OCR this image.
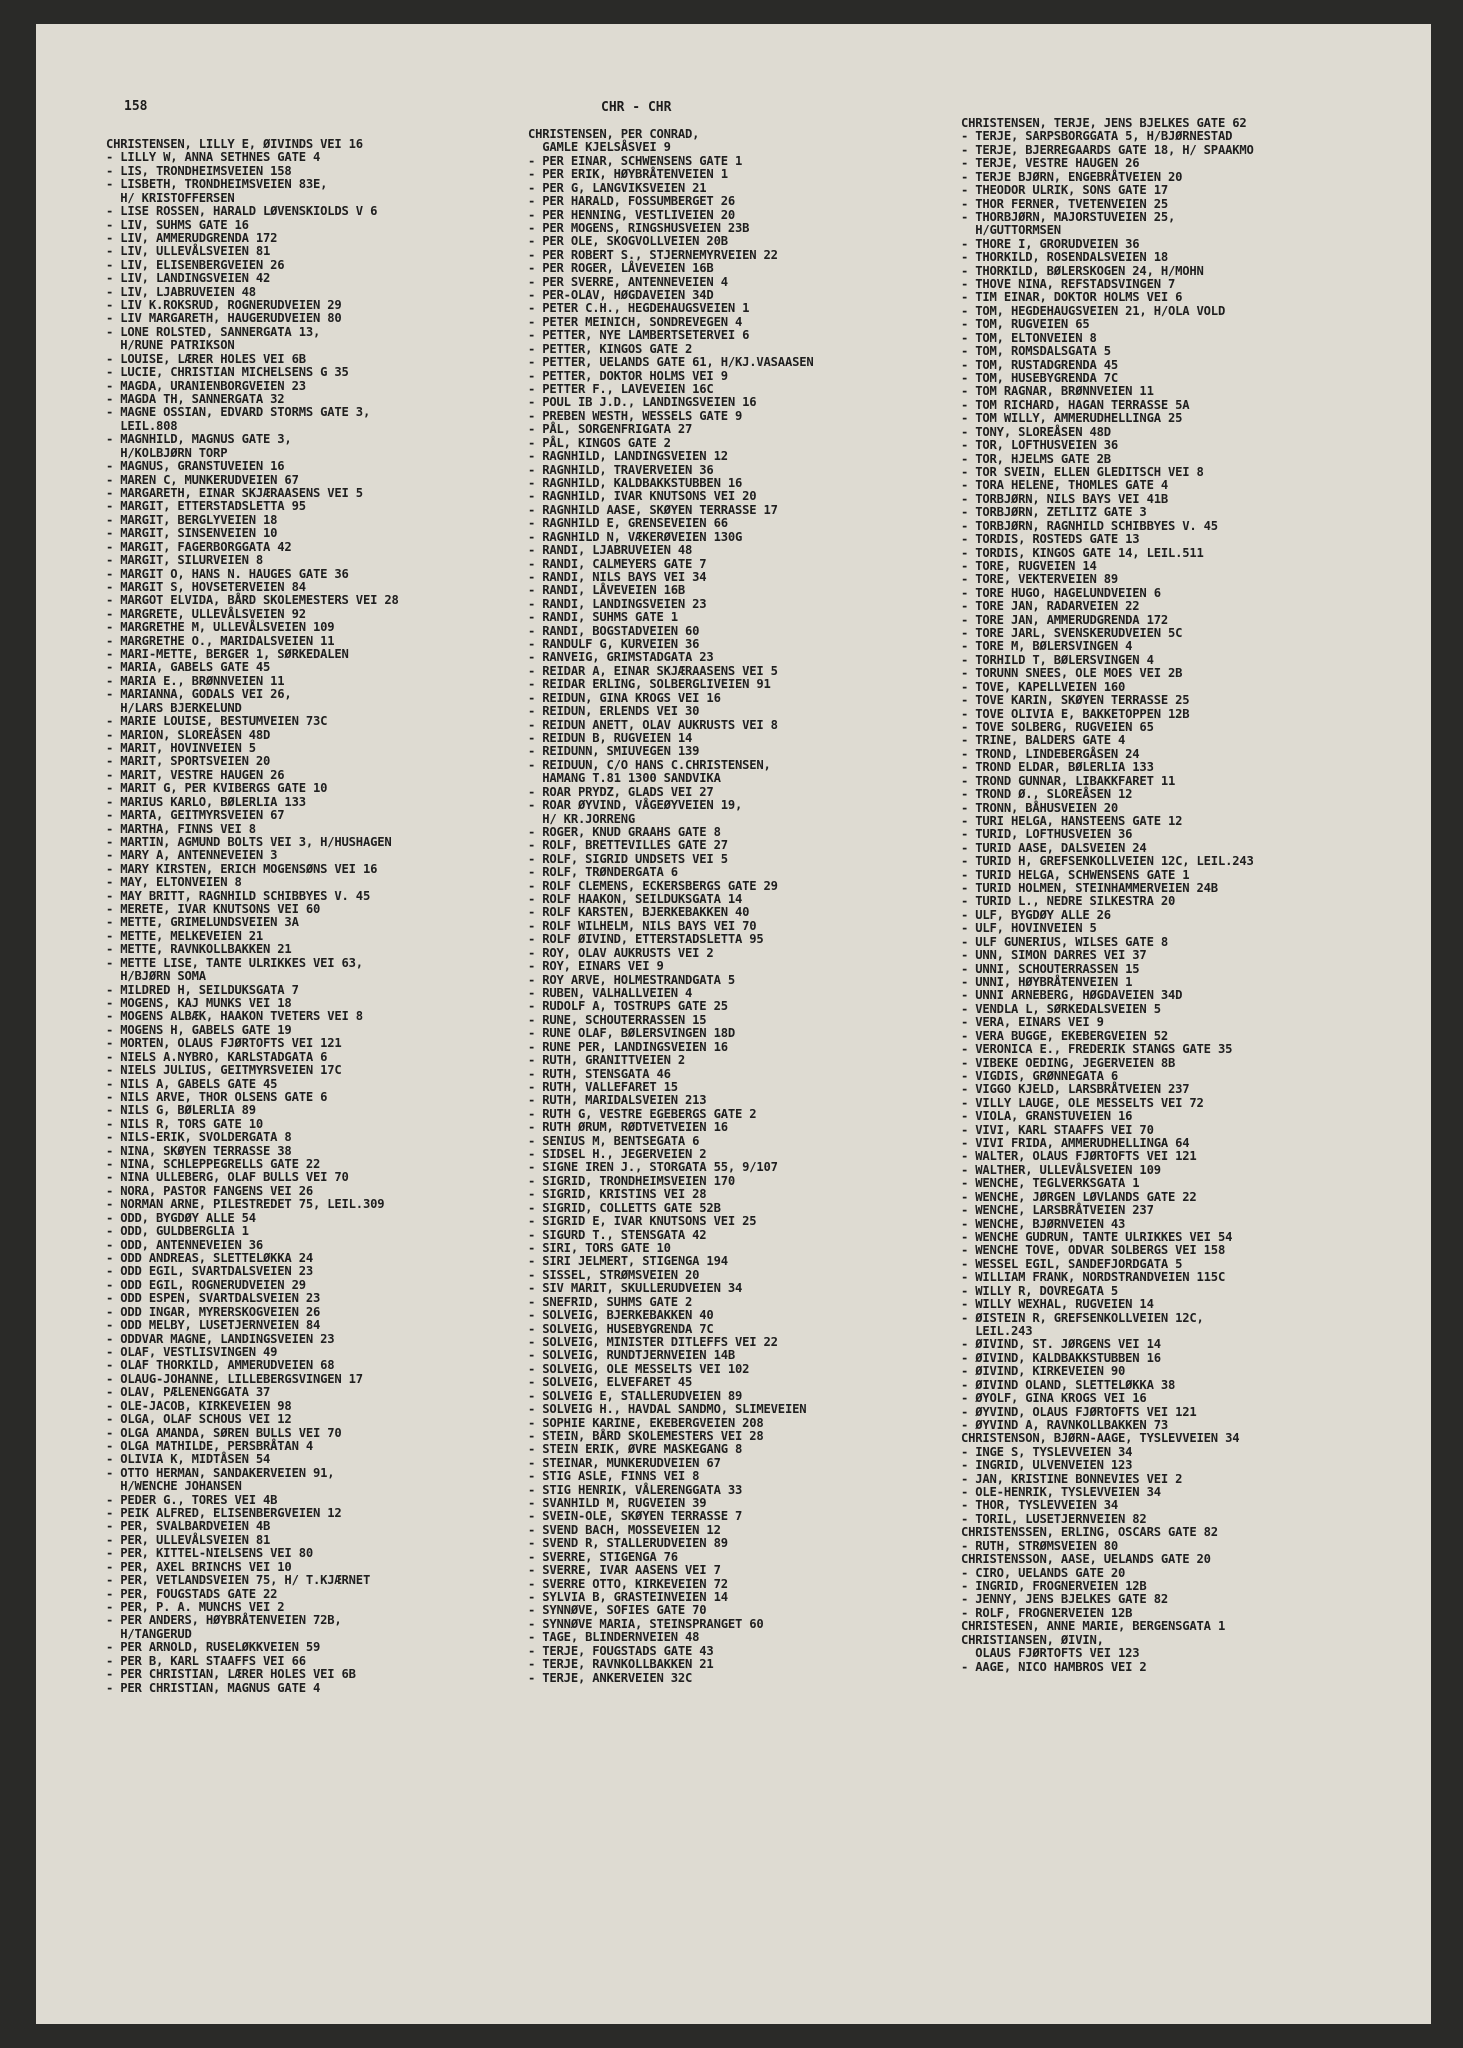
158	CHR - CHR
CHRISTENSEN, LILLY E, ØIVINDS VEI 16
- LILLY W, ANNA SETHNES GATE 4
- LIS, TRONDHEIMSVEIEN 158
- LISBETH, TRONDHEIMSVEIEN 83E,
H/ KRISTOFFERSEN
- LISE ROSSEN, HARALD LØVENSKIOLDS V 6
- LIV, SUHMS GATE 16
- LIV, AMMERUDGRENDA 172
- LIV, ULLEVÅLSVEIEN 81
- LIV, ELISENBERGVEIEN 26
- LIV, LANDINGSVEIEN 42
- LIV, LJABRUVEIEN 48
- LIV K.ROKSRUD, ROGNERUDVEIEN 29
- LIV MARGARETH, HAUGERUDVEIEN 80
- LONE ROLSTED, SANNERGATA 13,
H/RUNE PATRIKSON
- LOUISE, LÆRER HOLES VEI 6B
- LUCIE, CHRISTIAN MICHELSENS G 35
- MAGDA, URANIENBORGVEIEN 23
- MAGDA TH, SANNERGATA 32
- MAGNE OSSIAN, EDVARD STORMS GATE 3,
LEIL.808
- MAGNHILD, MAGNUS GATE 3,
H/KOLBJØRN TORP
- MAGNUS, GRANSTUVEIEN 16
- MAREN C, MUNKERUDVEIEN 67
- MARGARETH, EINAR SKJÆRAASENS VEI 5
- MARGIT, ETTERSTADSLETTA 95
- MARGIT, BERGLYVEIEN 18
- MARGIT, SINSENVEIEN 10
- MARGIT, FAGERBORGGATA 42
- MARGIT, SILURVEIEN 8
- MARGIT O, HANS N. HAUGES GATE 36
- MARGIT S, HOVSETERVEIEN 84
- MARGOT ELVIDA, BÅRD SKOLEMESTERS VEI 28
- MARGRETE, ULLEVÅLSVEIEN 92
- MARGRETHE M, ULLEVÅLSVEIEN 109
- MARGRETHE O., MARIDALSVEIEN 11
- MARI-METTE, BERGER 1, SØRKEDALEN
- MARIA, GABELS GATE 45
- MARIA E., BRØNNVEIEN 11
- MARIANNA, GODALS VEI 26,
H/LARS BJERKELUND
- MARIE LOUISE, BESTUMVEIEN 73C
- MARION, SLOREÅSEN 48D
- MARIT, HOVINVEIEN 5
- MARIT, SPORTSVEIEN 20
- MARIT, VESTRE HAUGEN 26
- MARIT G, PER KVIBERGS GATE 10
- MARIUS KARLO, BØLERLIA 133
- MARTA, GEITMYRSVEIEN 67
- MARTHA, FINNS VEI 8
- MARTIN, AGMUND BOLTS VEI 3, H/HUSHAGEN
- MARY A, ANTENNEVEIEN 3
- MARY KIRSTEN, ERICH MOGENSØNS VEI 16
- MAY, ELTONVEIEN 8
- MAY BRITT, RAGNHILD SCHIBBYES V. 45
- MERETE, IVAR KNUTSONS VEI 60
- METTE, GRIMELUNDSVEIEN 3A
- METTE, MELKEVEIEN 21
- METTE, RAVNKOLLBAKKEN 21
- METTE LISE, TANTE ULRIKKES VEI 63,
H/BJØRN SOMA
- MILDRED H, SEILDUKSGATA 7
- MOGENS, KAJ MUNKS VEI 18
- MOGENS ALBÆK, HAAKON TVETERS VEI 8
- MOGENS H, GABELS GATE 19
- MORTEN, OLAUS FJØRTOFTS VEI 121
- NIELS A.NYBRO, KARLSTADGATA 6
- NIELS JULIUS, GEITMYRSVEIEN 17C
- NILS A, GABELS GATE 45
- NILS ARVE, THOR OLSENS GATE 6
- NILS G, BØLERLIA 89
- NILS R, TORS GATE 10
- NILS-ERIK, SVOLDERGATA 8
- NINA, SKØYEN TERRASSE 38
- NINA, SCHLEPPEGRELLS GATE 22
- NINA ULLEBERG, OLAF BULLS VEI 70
- NORA, PASTOR FANGENS VEI 26
- NORMAN ARNE, PILESTREDET 75, LEIL.309
- ODD, BYGDØY ALLE 54
- ODD, GULDBERGLIA 1
- ODD, ANTENNEVEIEN 36
- ODD ANDREAS, SLETTELØKKA 24
- ODD EGIL, SVARTDALSVEIEN 23
- ODD EGIL, ROGNERUDVEIEN 29
- ODD ESPEN, SVARTDALSVEIEN 23
- ODD INGAR, MYRERSKOGVEIEN 26
- ODD MELBY, LUSETJERNVEIEN 84
- ODDVAR MAGNE, LANDINGSVEIEN 23
- OLAF, VESTLISVINGEN 49
- OLAF THORKILD, AMMERUDVEIEN 68
- OLAUG-JOHANNE, LILLEBERGSVINGEN 17
- OLAV, PÆLENENGGATA 37
- OLE-JACOB, KIRKEVEIEN 98
- OLGA, OLAF SCHOUS VEI 12
- OLGA AMANDA, SØREN BULLS VEI 70
- OLGA MATHILDE, PERSBRÅTAN 4
- OLIVIA K, MIDTÅSEN 54
- OTTO HERMAN, SANDAKERVEIEN 91,
H/WENCHE JOHANSEN
- PEDER G., TORES VEI 4B
- PEIK ALFRED, ELISENBERGVEIEN 12
- PER, SVALBARDVEIEN 4B
- PER, ULLEVÅLSVEIEN 81
- PER, KITTEL-NIELSENS VEI 80
- PER, AXEL BRINCHS VEI 10
- PER, VETLANDSVEIEN 75, H/ T.KJÆRNET
- PER, FOUGSTADS GATE 22
- PER, P. A. MUNCHS VEI 2
- PER ANDERS, HØYBRÅTENVEIEN 72B,
H/TANGERUD
- PER ARNOLD, RUSELØKKVEIEN 59
- PER B, KARL STAAFFS VEI 66
- PER CHRISTIAN, LÆRER HOLES VEI 6B
- PER CHRISTIAN, MAGNUS GATE 4
CHRISTENSEN, PER CONRAD,
GAMLE KJELSÅSVEI 9
- PER EINAR, SCHWENSENS GATE 1
- PER ERIK, HØYBRÅTENVEIEN 1
- PER G, LANGVIKSVEIEN 21
- PER HARALD, FOSSUMBERGET 26
- PER HENNING, VESTLIVEIEN 20
- PER MOGENS, RINGSHUSVEIEN 23B
- PER OLE, SKOGVOLLVEIEN 20B
- PER ROBERT S., STJERNEMYRVEIEN 22
- PER ROGER, LÅVEVEIEN 16B
- PER SVERRE, ANTENNEVEIEN 4
- PER-OLAV, HØGDAVEIEN 34D
- PETER C.H., HEGDEHAUGSVEIEN 1
- PETER MEINICH, SONDREVEGEN 4
- PETTER, NYE LAMBERTSETERVEI 6
- PETTER, KINGOS GATE 2
- PETTER, UELANDS GATE 61, H/KJ.VASAASEN
- PETTER, DOKTOR HOLMS VEI 9
- PETTER F., LAVEVEIEN 16C
- POUL IB J.D., LANDINGSVEIEN 16
- PREBEN WESTH, WESSELS GATE 9
- PÅL, SORGENFRIGATA 27
- PÅL, KINGOS GATE 2
- RAGNHILD, LANDINGSVEIEN 12
- RAGNHILD, TRAVERVEIEN 36
- RAGNHILD, KALDBAKKSTUBBEN 16
- RAGNHILD, IVAR KNUTSONS VEI 20
- RAGNHILD AASE, SKØYEN TERRASSE 17
- RAGNHILD E, GRENSEVEIEN 66
- RAGNHILD N, VÆKERØVEIEN 130G
- RANDI, LJABRUVEIEN 48
- RANDI, CALMEYERS GATE 7
- RANDI, NILS BAYS VEI 34
- RANDI, LÅVEVEIEN 16B
- RANDI, LANDINGSVEIEN 23
- RANDI, SUHMS GATE 1
- RANDI, BOGSTADVEIEN 60
- RANDULF G, KURVEIEN 36
- RANVEIG, GRIMSTADGATA 23
- REIDAR A, EINAR SKJÆRAASENS VEI 5
- REIDAR ERLING, SOLBERGLIVEIEN 91
- REIDUN, GINA KROGS VEI 16
- REIDUN, ERLENDS VEI 30
- REIDUN ANETT, OLAV AUKRUSTS VEI 8
- REIDUN B, RUGVEIEN 14
- REIDUNN, SMIUVEGEN 139
- REIDUUN, C/O HANS C.CHRISTENSEN,
HAMANG T.81 1300 SANDVIKA
- ROAR PRYDZ, GLADS VEI 27
- ROAR ØYVIND, VÅGEØYVEIEN 19,
H/ KR.JORRENG
- ROGER, KNUD GRAAHS GATE 8
- ROLF, BRETTEVILLES GATE 27
- ROLF, SIGRID UNDSETS VEI 5
- ROLF, TRØNDERGATA 6
- ROLF CLEMENS, ECKERSBERGS GATE 29
- ROLF HAAKON, SEILDUKSGATA 14
- ROLF KARSTEN, BJERKEBAKKEN 40
- ROLF WILHELM, NILS BAYS VEI 70
- ROLF ØIVIND, ETTERSTADSLETTA 95
- ROY, OLAV AUKRUSTS VEI 2
- ROY, EINARS VEI 9
- ROY ARVE, HOLMESTRANDGATA 5
- RUBEN, VALHALLVEIEN 4
- RUDOLF A, TOSTRUPS GATE 25
- RUNE, SCHOUTERRASSEN 15
- RUNE OLAF, BØLERSVINGEN 18D
- RUNE PER, LANDINGSVEIEN 16
- RUTH, GRANITTVEIEN 2
- RUTH, STENSGATA 46
- RUTH, VALLEFARET 15
- RUTH, MARIDALSVEIEN 213
- RUTH G, VESTRE EGEBERGS GATE 2
- RUTH ØRUM, RØDTVETVEIEN 16
- SENIUS M, BENTSEGATA 6
- SIDSEL H., JEGERVEIEN 2
- SIGNE IREN J., STORGATA 55, 9/107
- SIGRID, TRONDHEIMSVEIEN 170
- SIGRID, KRISTINS VEI 28
- SIGRID, COLLETTS GATE 52B
- SIGRID E, IVAR KNUTSONS VEI 25
- SIGURD T., STENSGATA 42
- SIRI, TORS GATE 10
- SIRI JELMERT, STIGENGA 194
- SISSEL, STRØMSVEIEN 20
- SIV MARIT, SKULLERUDVEIEN 34
- SNEFRID, SUHMS GATE 2
- SOLVEIG, BJERKEBAKKEN 40
- SOLVEIG, HUSEBYGRENDA 7C
- SOLVEIG, MINISTER DITLEFFS VEI 22
- SOLVEIG, RUNDTJERNVEIEN 14B
- SOLVEIG, OLE MESSELTS VEI 102
- SOLVEIG, ELVEFARET 45
- SOLVEIG E, STALLERUDVEIEN 89
- SOLVEIG H., HAVDAL SANDMO, SLIMEVEIEN
- SOPHIE KARINE, EKEBERGVEIEN 208
- STEIN, BÅRD SKOLEMESTERS VEI 28
- STEIN ERIK, ØVRE MASKEGANG 8
- STEINAR, MUNKERUDVEIEN 67
- STIG ASLE, FINNS VEI 8
- STIG HENRIK, VÅLERENGGATA 33
- SVANHILD M, RUGVEIEN 39
- SVEIN-OLE, SKØYEN TERRASSE 7
- SVEND BACH, MOSSEVEIEN 12
- SVEND R, STALLERUDVEIEN 89
- SVERRE, STIGENGA 76
- SVERRE, IVAR AASENS VEI 7
- SVERRE OTTO, KIRKEVEIEN 72
- SYLVIA B, GRASTEINVEIEN 14
- SYNNØVE, SOFIES GATE 70
- SYNNØVE MARIA, STEINSPRANGET 60
- TAGE, BLINDERNVEIEN 48
- TERJE, FOUGSTADS GATE 43
- TERJE, RAVNKOLLBAKKEN 21
- TERJE, ANKERVEIEN 32C
CHRISTENSEN, TERJE, JENS BJELKES GATE 62
- TERJE, SARPSBORGGATA 5, H/BJØRNESTAD
- TERJE, BJERREGAARDS GATE 18, H/ SPAAKMO
- TERJE, VESTRE HAUGEN 26
- TERJE BJØRN, ENGEBRÅTVEIEN 20
- THEODOR ULRIK, SONS GATE 17
- THOR FERNER, TVETENVEIEN 25
- THORBJØRN, MAJORSTUVEIEN 25,
H/GUTTORMSEN
- THORE I, GRORUDVEIEN 36
- THORKILD, ROSENDALSVEIEN 18
- THORKILD, BØLERSKOGEN 24, H/MOHN
- THOVE NINA, REFSTADSVINGEN 7
- TIM EINAR, DOKTOR HOLMS VEI 6
- TOM, HEGDEHAUGSVEIEN 21, H/OLA VOLD
- TOM, RUGVEIEN 65
- TOM, ELTONVEIEN 8
- TOM, ROMSDALSGATA 5
- TOM, RUSTADGRENDA 45
- TOM, HUSEBYGRENDA 7C
- TOM RAGNAR, BRØNNVEIEN 11
- TOM RICHARD, HAGAN TERRASSE 5A
- TOM WILLY, AMMERUDHELLINGA 25
- TONY, SLOREÅSEN 48D
- TOR, LOFTHUSVEIEN 36
- TOR, HJELMS GATE 2B
- TOR SVEIN, ELLEN GLEDITSCH VEI 8
- TORA HELENE, THOMLES GATE 4
- TORBJØRN, NILS BAYS VEI 41B
- TORBJØRN, ZETLITZ GATE 3
- TORBJØRN, RAGNHILD SCHIBBYES V. 45
- TORDIS, ROSTEDS GATE 13
- TORDIS, KINGOS GATE 14, LEIL.511
- TORE, RUGVEIEN 14
- TORE, VEKTERVEIEN 89
- TORE HUGO, HAGELUNDVEIEN 6
- TORE JAN, RADARVEIEN 22
- TORE JAN, AMMERUDGRENDA 172
- TORE JARL, SVENSKERUDVEIEN 5C
- TORE M, BØLERSVINGEN 4
- TORHILD T, BØLERSVINGEN 4
- TORUNN SNEES, OLE MOES VEI 2B
- TOVE, KAPELLVEIEN 160
- TOVE KARIN, SKØYEN TERRASSE 25
- TOVE OLIVIA E, BAKKETOPPEN 12B
- TOVE SOLBERG, RUGVEIEN 65
- TRINE, BALDERS GATE 4
- TROND, LINDEBERGÅSEN 24
- TROND ELDAR, BØLERLIA 133
- TROND GUNNAR, LIBAKKFARET 11
- TROND Ø., SLOREÅSEN 12
- TRONN, BÅHUSVEIEN 20
- TURI HELGA, HANSTEENS GATE 12
- TURID, LOFTHUSVEIEN 36
- TURID AASE, DALSVEIEN 24
- TURID H, GREFSENKOLLVEIEN 12C, LEIL.243
- TURID HELGA, SCHWENSENS GATE 1
- TURID HOLMEN, STEINHAMMERVEIEN 24B
- TURID L., NEDRE SILKESTRA 20
- ULF, BYGDØY ALLE 26
- ULF, HOVINVEIEN 5
- ULF GUNERIUS, WILSES GATE 8
- UNN, SIMON DARRES VEI 37
- UNNI, SCHOUTERRASSEN 15
- UNNI, HØYBRÅTENVEIEN 1
- UNNI ARNEBERG, HØGDAVEIEN 34D
- VENDLA L, SØRKEDALSVEIEN 5
- VERA, EINARS VEI 9
- VERA BUGGE, EKEBERGVEIEN 52
- VERONICA E., FREDERIK STANGS GATE 35
- VIBEKE OEDING, JEGERVEIEN 8B
- VIGDIS, GRØNNEGATA 6
- VIGGO KJELD, LARSBRÅTVEIEN 237
- VILLY LAUGE, OLE MESSELTS VEI 72
- VIOLA, GRANSTUVEIEN 16
- VIVI, KARL STAAFFS VEI 70
- VIVI FRIDA, AMMERUDHELLINGA 64
- WALTER, OLAUS FJØRTOFTS VEI 121
- WALTHER, ULLEVÅLSVEIEN 109
- WENCHE, TEGLVERKSGATA 1
- WENCHE, JØRGEN LØVLANDS GATE 22
- WENCHE, LARSBRÅTVEIEN 237
- WENCHE, BJØRNVEIEN 43
- WENCHE GUDRUN, TANTE ULRIKKES VEI 54
- WENCHE TOVE, ODVAR SOLBERGS VEI 158
- WESSEL EGIL, SANDEFJORDGATA 5
- WILLIAM FRANK, NORDSTRANDVEIEN 115C
- WILLY R, DOVREGATA 5
- WILLY WEXHAL, RUGVEIEN 14
- ØISTEIN R, GREFSENKOLLVEIEN 12C,
LEIL.243
- ØIVIND, ST. JØRGENS VEI 14
- ØIVIND, KALDBAKKSTUBBEN 16
- ØIVIND, KIRKEVEIEN 90
- ØIVIND OLAND, SLETTELØKKA 38
- ØYOLF, GINA KROGS VEI 16
- ØYVIND, OLAUS FJØRTOFTS VEI 121
- ØYVIND A, RAVNKOLLBAKKEN 73
CHRISTENSON, BJØRN-AAGE, TYSLEVVEIEN 34
- INGE S, TYSLEVVEIEN 34
- INGRID, ULVENVEIEN 123
- JAN, KRISTINE BONNEVIES VEI 2
- OLE-HENRIK, TYSLEVVEIEN 34
- THOR, TYSLEVVEIEN 34
- TORIL, LUSETJERNVEIEN 82
CHRISTENSSEN, ERLING, OSCARS GATE 82
- RUTH, STRØMSVEIEN 80
CHRISTENSSON, AASE, UELANDS GATE 20
- CIRO, UELANDS GATE 20
- INGRID, FROGNERVEIEN 12B
- JENNY, JENS BJELKES GATE 82
- ROLF, FROGNERVEIEN 12B
CHRISTESEN, ANNE MARIE, BERGENSGATA 1
CHRISTIANSEN, ØIVIN,
OLAUS FJØRTOFTS VEI 123
- AAGE, NICO HAMBROS VEI 2
